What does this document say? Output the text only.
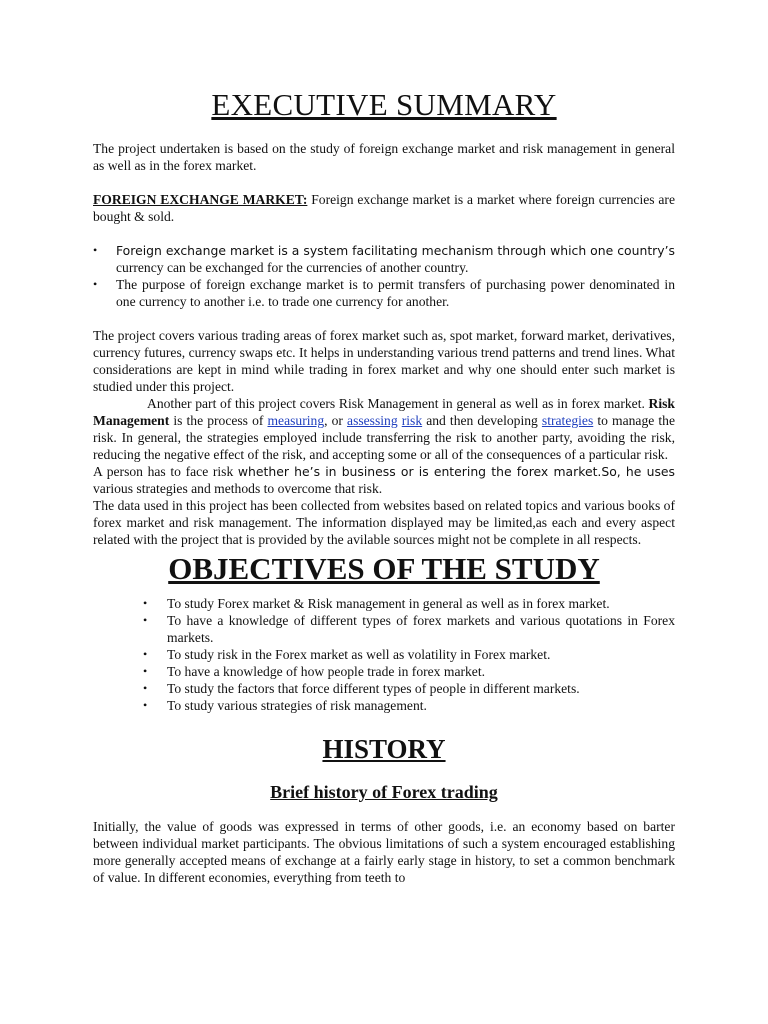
EXECUTIVE SUMMARY

The project undertaken is based on the study of foreign exchange market and risk management in general as well as in the forex market.

FOREIGN EXCHANGE MARKET: Foreign exchange market is a market where foreign currencies are bought & sold.

• Foreign exchange market is a system facilitating mechanism through which one country’s currency can be exchanged for the currencies of another country.
• The purpose of foreign exchange market is to permit transfers of purchasing power denominated in one currency to another i.e. to trade one currency for another.

The project covers various trading areas of forex market such as, spot market, forward market, derivatives, currency futures, currency swaps etc. It helps in understanding various trend patterns and trend lines. What considerations are kept in mind while trading in forex market and why one should enter such market is studied under this project.

Another part of this project covers Risk Management in general as well as in forex market. Risk Management is the process of measuring, or assessing risk and then developing strategies to manage the risk. In general, the strategies employed include transferring the risk to another party, avoiding the risk, reducing the negative effect of the risk, and accepting some or all of the consequences of a particular risk.

A person has to face risk whether he’s in business or is entering the forex market.So, he uses various strategies and methods to overcome that risk.

The data used in this project has been collected from websites based on related topics and various books of forex market and risk management. The information displayed may be limited,as each and every aspect related with the project that is provided by the avilable sources might not be complete in all respects.

OBJECTIVES OF THE STUDY
• To study Forex market & Risk management in general as well as in forex market.
• To have a knowledge of different types of forex markets and various quotations in Forex markets.
• To study risk in the Forex market as well as volatility in Forex market.
• To have a knowledge of how people trade in forex market.
• To study the factors that force different types of people in different markets.
• To study various strategies of risk management.
HISTORY
Brief history of Forex trading

Initially, the value of goods was expressed in terms of other goods, i.e. an economy based on barter between individual market participants. The obvious limitations of such a system encouraged establishing more generally accepted means of exchange at a fairly early stage in history, to set a common benchmark of value. In different economies, everything from teeth to
